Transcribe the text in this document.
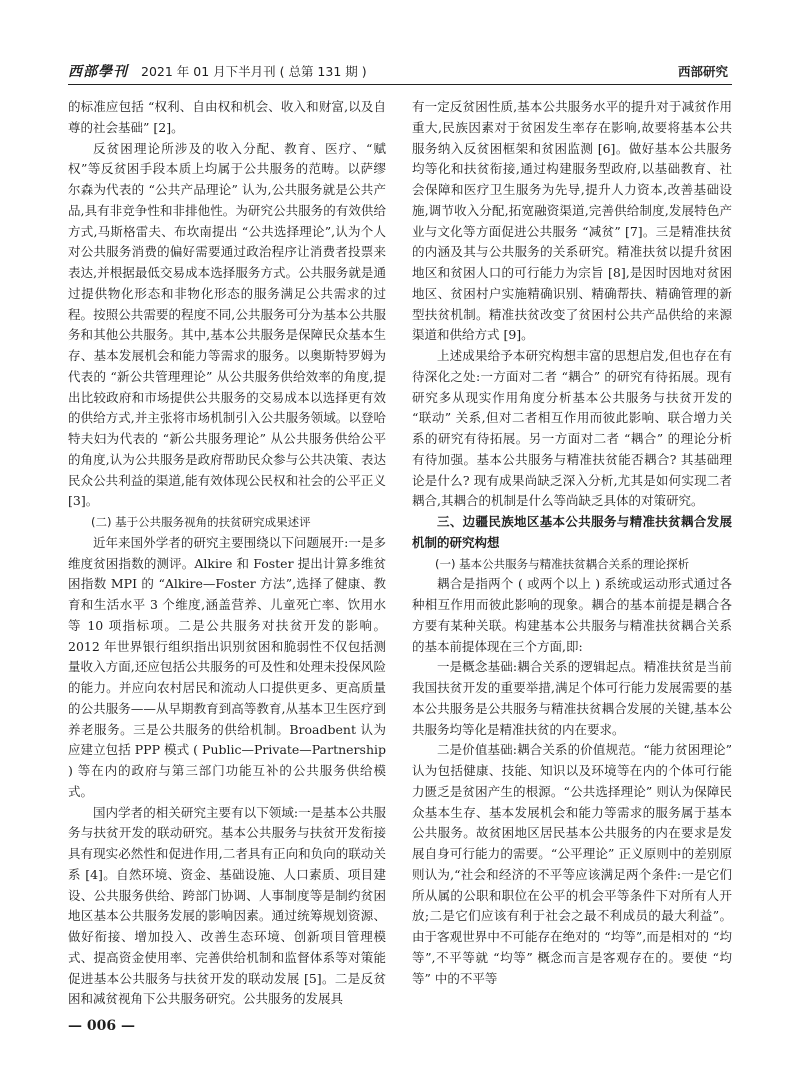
西部學刊 2021 年 01 月下半月刊 ( 总第 131 期 )	西部研究

的标准应包括 “权利、自由权和机会、收入和财富,以及自尊的社会基础” [2]。

反贫困理论所涉及的收入分配、教育、医疗、“赋权”等反贫困手段本质上均属于公共服务的范畴。以萨缪尔森为代表的 “公共产品理论” 认为,公共服务就是公共产品,具有非竞争性和非排他性。为研究公共服务的有效供给方式,马斯格雷夫、布坎南提出 “公共选择理论”,认为个人对公共服务消费的偏好需要通过政治程序让消费者投票来表达,并根据最低交易成本选择服务方式。公共服务就是通过提供物化形态和非物化形态的服务满足公共需求的过程。按照公共需要的程度不同,公共服务可分为基本公共服务和其他公共服务。其中,基本公共服务是保障民众基本生存、基本发展机会和能力等需求的服务。以奥斯特罗姆为代表的 “新公共管理理论” 从公共服务供给效率的角度,提出比较政府和市场提供公共服务的交易成本以选择更有效的供给方式,并主张将市场机制引入公共服务领域。以登哈特夫妇为代表的 “新公共服务理论” 从公共服务供给公平的角度,认为公共服务是政府帮助民众参与公共决策、表达民众公共利益的渠道,能有效体现公民权和社会的公平正义 [3]。

(二) 基于公共服务视角的扶贫研究成果述评

近年来国外学者的研究主要围绕以下问题展开:一是多维度贫困指数的测评。Alkire 和 Foster 提出计算多维贫困指数 MPI 的 “Alkire—Foster 方法”,选择了健康、教育和生活水平 3 个维度,涵盖营养、儿童死亡率、饮用水等 10 项指标项。二是公共服务对扶贫开发的影响。2012 年世界银行组织指出识别贫困和脆弱性不仅包括测量收入方面,还应包括公共服务的可及性和处理未投保风险的能力。并应向农村居民和流动人口提供更多、更高质量的公共服务——从早期教育到高等教育,从基本卫生医疗到养老服务。三是公共服务的供给机制。Broadbent 认为应建立包括 PPP 模式 ( Public—Private—Partnership ) 等在内的政府与第三部门功能互补的公共服务供给模式。

国内学者的相关研究主要有以下领域:一是基本公共服务与扶贫开发的联动研究。基本公共服务与扶贫开发衔接具有现实必然性和促进作用,二者具有正向和负向的联动关系 [4]。自然环境、资金、基础设施、人口素质、项目建设、公共服务供给、跨部门协调、人事制度等是制约贫困地区基本公共服务发展的影响因素。通过统筹规划资源、做好衔接、增加投入、改善生态环境、创新项目管理模式、提高资金使用率、完善供给机制和监督体系等对策能促进基本公共服务与扶贫开发的联动发展 [5]。二是反贫困和减贫视角下公共服务研究。公共服务的发展具

有一定反贫困性质,基本公共服务水平的提升对于减贫作用重大,民族因素对于贫困发生率存在影响,故要将基本公共服务纳入反贫困框架和贫困监测 [6]。做好基本公共服务均等化和扶贫衔接,通过构建服务型政府,以基础教育、社会保障和医疗卫生服务为先导,提升人力资本,改善基础设施,调节收入分配,拓宽融资渠道,完善供给制度,发展特色产业与文化等方面促进公共服务 “减贫” [7]。三是精准扶贫的内涵及其与公共服务的关系研究。精准扶贫以提升贫困地区和贫困人口的可行能力为宗旨 [8],是因时因地对贫困地区、贫困村户实施精确识别、精确帮扶、精确管理的新型扶贫机制。精准扶贫改变了贫困村公共产品供给的来源渠道和供给方式 [9]。

上述成果给予本研究构想丰富的思想启发,但也存在有待深化之处:一方面对二者 “耦合” 的研究有待拓展。现有研究多从现实作用角度分析基本公共服务与扶贫开发的 “联动” 关系,但对二者相互作用而彼此影响、联合增力关系的研究有待拓展。另一方面对二者 “耦合” 的理论分析有待加强。基本公共服务与精准扶贫能否耦合? 其基础理论是什么? 现有成果尚缺乏深入分析,尤其是如何实现二者耦合,其耦合的机制是什么等尚缺乏具体的对策研究。

三、边疆民族地区基本公共服务与精准扶贫耦合发展机制的研究构想

(一) 基本公共服务与精准扶贫耦合关系的理论探析

耦合是指两个 ( 或两个以上 ) 系统或运动形式通过各种相互作用而彼此影响的现象。耦合的基本前提是耦合各方要有某种关联。构建基本公共服务与精准扶贫耦合关系的基本前提体现在三个方面,即:

一是概念基础:耦合关系的逻辑起点。精准扶贫是当前我国扶贫开发的重要举措,满足个体可行能力发展需要的基本公共服务是公共服务与精准扶贫耦合发展的关键,基本公共服务均等化是精准扶贫的内在要求。

二是价值基础:耦合关系的价值规范。“能力贫困理论” 认为包括健康、技能、知识以及环境等在内的个体可行能力匮乏是贫困产生的根源。“公共选择理论” 则认为保障民众基本生存、基本发展机会和能力等需求的服务属于基本公共服务。故贫困地区居民基本公共服务的内在要求是发展自身可行能力的需要。“公平理论” 正义原则中的差别原则认为,“社会和经济的不平等应该满足两个条件:一是它们所从属的公职和职位在公平的机会平等条件下对所有人开放;二是它们应该有利于社会之最不利成员的最大利益”。由于客观世界中不可能存在绝对的 “均等”,而是相对的 “均等”,不平等就 “均等” 概念而言是客观存在的。要使 “均等” 中的不平等

— 006 —
